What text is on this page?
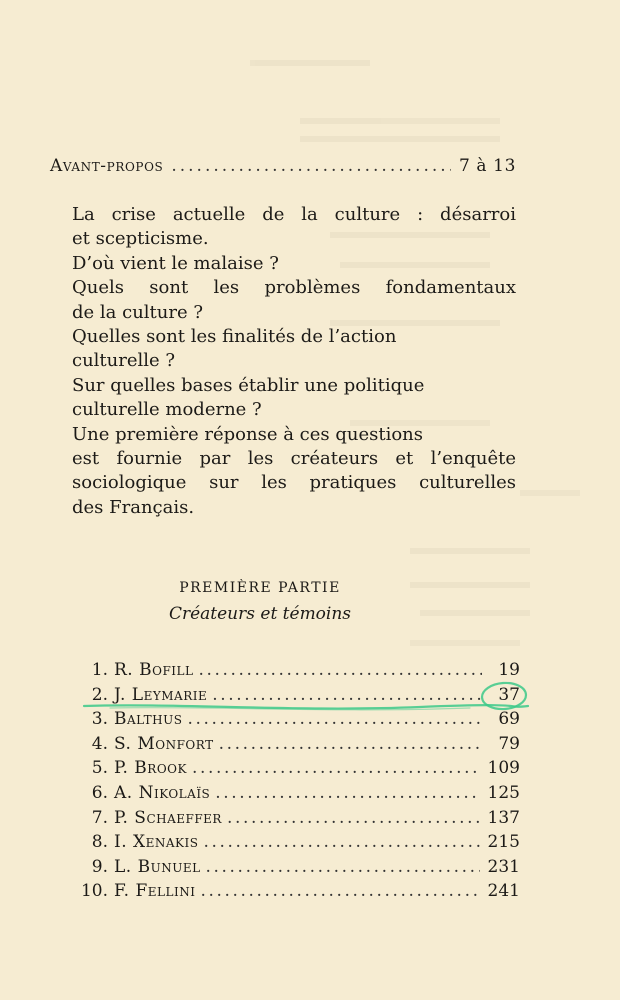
Avant-propos .....	7 à 13
La crise actuelle de la culture : désarroi
et scepticisme.
D’où vient le malaise ?
Quels sont les problèmes fondamentaux
de la culture ?
Quelles sont les finalités de l’action
culturelle ?
Sur quelles bases établir une politique
culturelle moderne ?
Une première réponse à ces questions
est fournie par les créateurs et l’enquête
sociologique sur les pratiques culturelles
des Français.
PREMIÈRE PARTIE
Créateurs et témoins
1. R. Bofill .....	19
2. J. Leymarie .....	37
3. Balthus .....	69
4. S. Monfort .....	79
5. P. Brook .....	109
6. A. Nikolaïs .....	125
7. P. Schaeffer .....	137
8. I. Xenakis .....	215
9. L. Bunuel .....	231
10. F. Fellini .....	241
